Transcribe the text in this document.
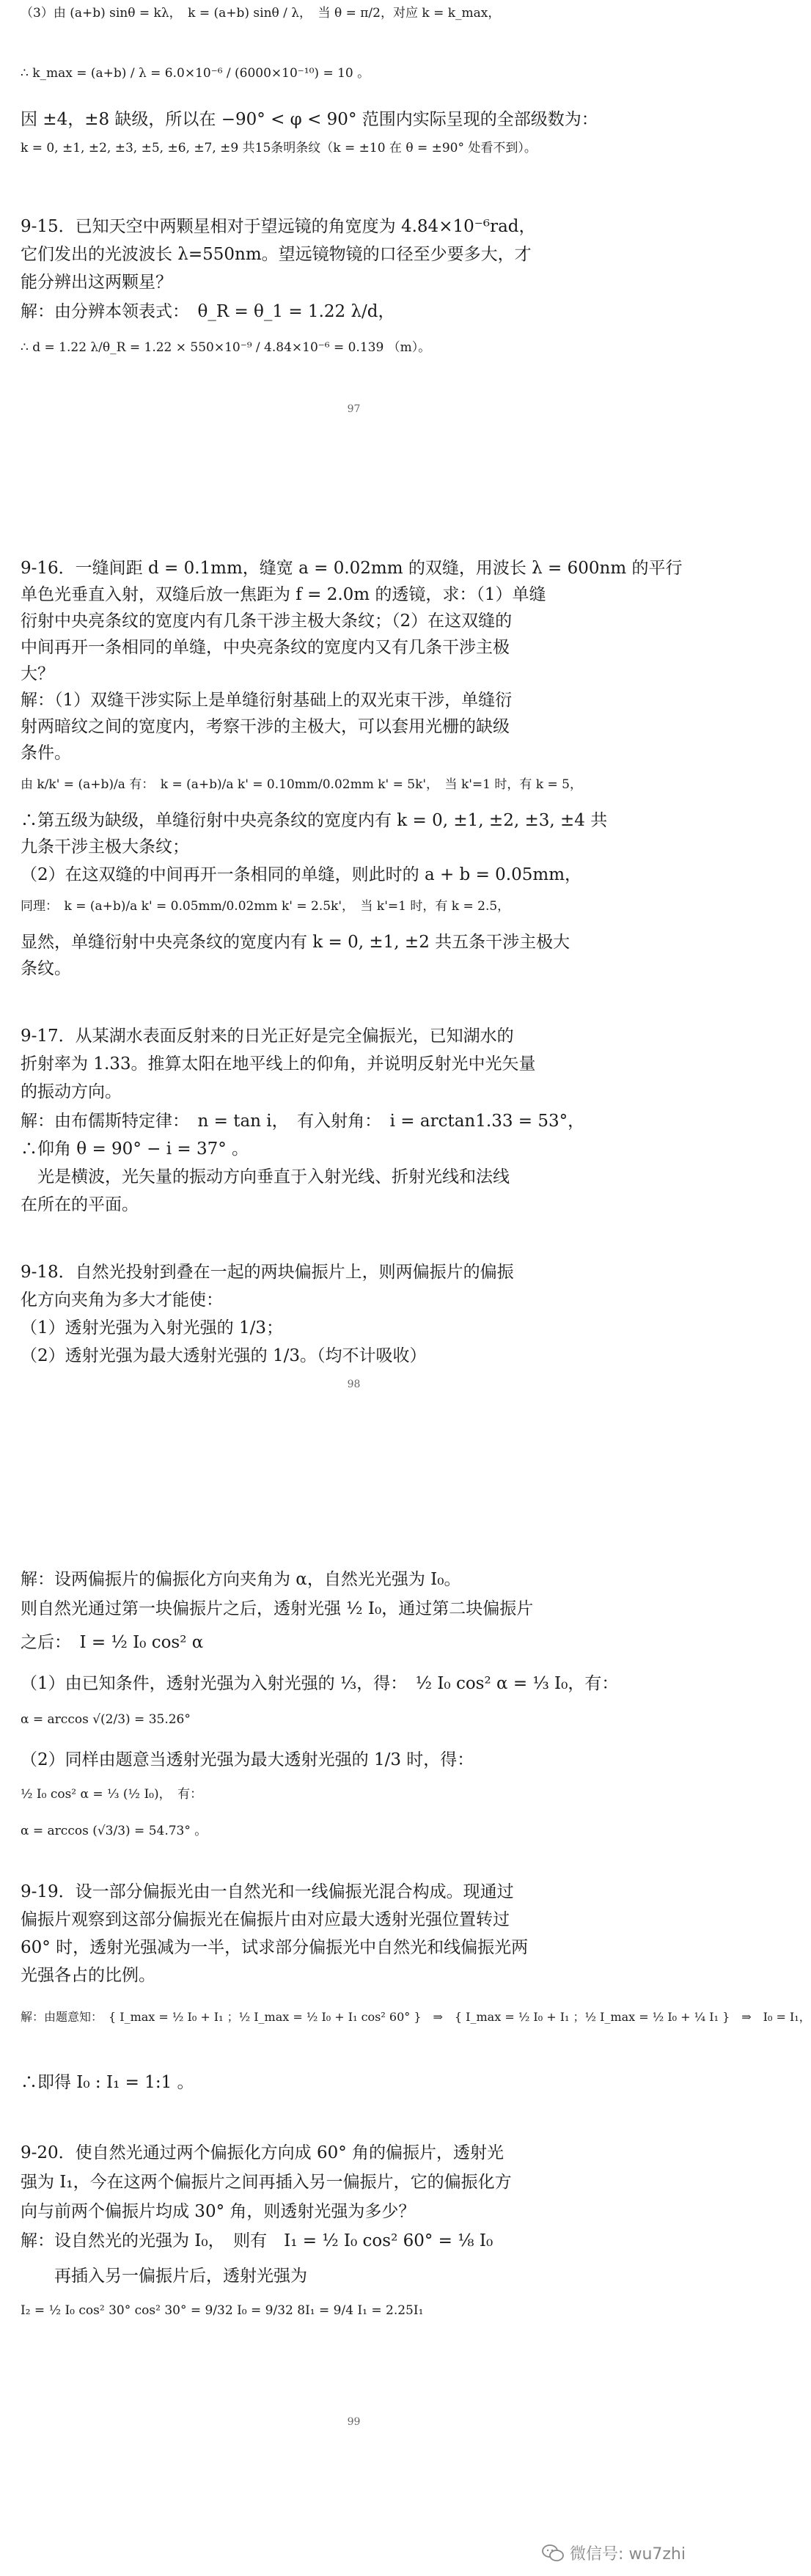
（3）由 (a+b) sinθ = kλ，　k = (a+b) sinθ / λ，　当 θ = π/2，对应 k = k_max，
∴ k_max = (a+b) / λ = 6.0×10⁻⁶ / (6000×10⁻¹⁰) = 10 。
因 ±4，±8 缺级，所以在 −90° < φ < 90° 范围内实际呈现的全部级数为：
k = 0, ±1, ±2, ±3, ±5, ±6, ±7, ±9 共15条明条纹（k = ±10 在 θ = ±90° 处看不到）。
9-15．已知天空中两颗星相对于望远镜的角宽度为 4.84×10⁻⁶rad，
它们发出的光波波长 λ=550nm。望远镜物镜的口径至少要多大，才
能分辨出这两颗星？
解：由分辨本领表式：　θ_R = θ_1 = 1.22 λ/d，
∴ d = 1.22 λ/θ_R = 1.22 × 550×10⁻⁹ / 4.84×10⁻⁶ = 0.139 （m）。
97
9-16．一缝间距 d = 0.1mm，缝宽 a = 0.02mm 的双缝，用波长 λ = 600nm 的平行
单色光垂直入射，双缝后放一焦距为 f = 2.0m 的透镜，求：（1）单缝
衍射中央亮条纹的宽度内有几条干涉主极大条纹；（2）在这双缝的
中间再开一条相同的单缝，中央亮条纹的宽度内又有几条干涉主极
大？
解：（1）双缝干涉实际上是单缝衍射基础上的双光束干涉，单缝衍
射两暗纹之间的宽度内，考察干涉的主极大，可以套用光栅的缺级
条件。
由 k/k' = (a+b)/a 有：　k = (a+b)/a k' = 0.10mm/0.02mm k' = 5k'，　当 k'=1 时，有 k = 5，
∴第五级为缺级，单缝衍射中央亮条纹的宽度内有 k = 0, ±1, ±2, ±3, ±4 共
九条干涉主极大条纹；
（2）在这双缝的中间再开一条相同的单缝，则此时的 a + b = 0.05mm，
同理：　k = (a+b)/a k' = 0.05mm/0.02mm k' = 2.5k'，　当 k'=1 时，有 k = 2.5，
显然，单缝衍射中央亮条纹的宽度内有 k = 0, ±1, ±2 共五条干涉主极大
条纹。
9-17．从某湖水表面反射来的日光正好是完全偏振光，已知湖水的
折射率为 1.33。推算太阳在地平线上的仰角，并说明反射光中光矢量
的振动方向。
解：由布儒斯特定律：　n = tan i，　有入射角：　i = arctan1.33 = 53°，
∴仰角 θ = 90° − i = 37° 。
　光是横波，光矢量的振动方向垂直于入射光线、折射光线和法线
在所在的平面。
9-18．自然光投射到叠在一起的两块偏振片上，则两偏振片的偏振
化方向夹角为多大才能使：
（1）透射光强为入射光强的 1/3；
（2）透射光强为最大透射光强的 1/3。（均不计吸收）
98
解：设两偏振片的偏振化方向夹角为 α，自然光光强为 I₀。
则自然光通过第一块偏振片之后，透射光强 ½ I₀，通过第二块偏振片
之后：　I = ½ I₀ cos² α
（1）由已知条件，透射光强为入射光强的 ⅓，得：　½ I₀ cos² α = ⅓ I₀，有：
α = arccos √(2/3) = 35.26°
（2）同样由题意当透射光强为最大透射光强的 1/3 时，得：
½ I₀ cos² α = ⅓ (½ I₀)，　有：
α = arccos (√3/3) = 54.73° 。
9-19．设一部分偏振光由一自然光和一线偏振光混合构成。现通过
偏振片观察到这部分偏振光在偏振片由对应最大透射光强位置转过
60° 时，透射光强减为一半，试求部分偏振光中自然光和线偏振光两
光强各占的比例。
解：由题意知：　{ I_max = ½ I₀ + I₁ ；½ I_max = ½ I₀ + I₁ cos² 60° }　⇒　{ I_max = ½ I₀ + I₁ ；½ I_max = ½ I₀ + ¼ I₁ }　⇒　I₀ = I₁，
∴即得 I₀ : I₁ = 1:1 。
9-20．使自然光通过两个偏振化方向成 60° 角的偏振片，透射光
强为 I₁，今在这两个偏振片之间再插入另一偏振片，它的偏振化方
向与前两个偏振片均成 30° 角，则透射光强为多少？
解：设自然光的光强为 I₀，　则有　I₁ = ½ I₀ cos² 60° = ⅛ I₀
　　再插入另一偏振片后，透射光强为
I₂ = ½ I₀ cos² 30° cos² 30° = 9/32 I₀ = 9/32 8I₁ = 9/4 I₁ = 2.25I₁
99
微信号: wu7zhi
